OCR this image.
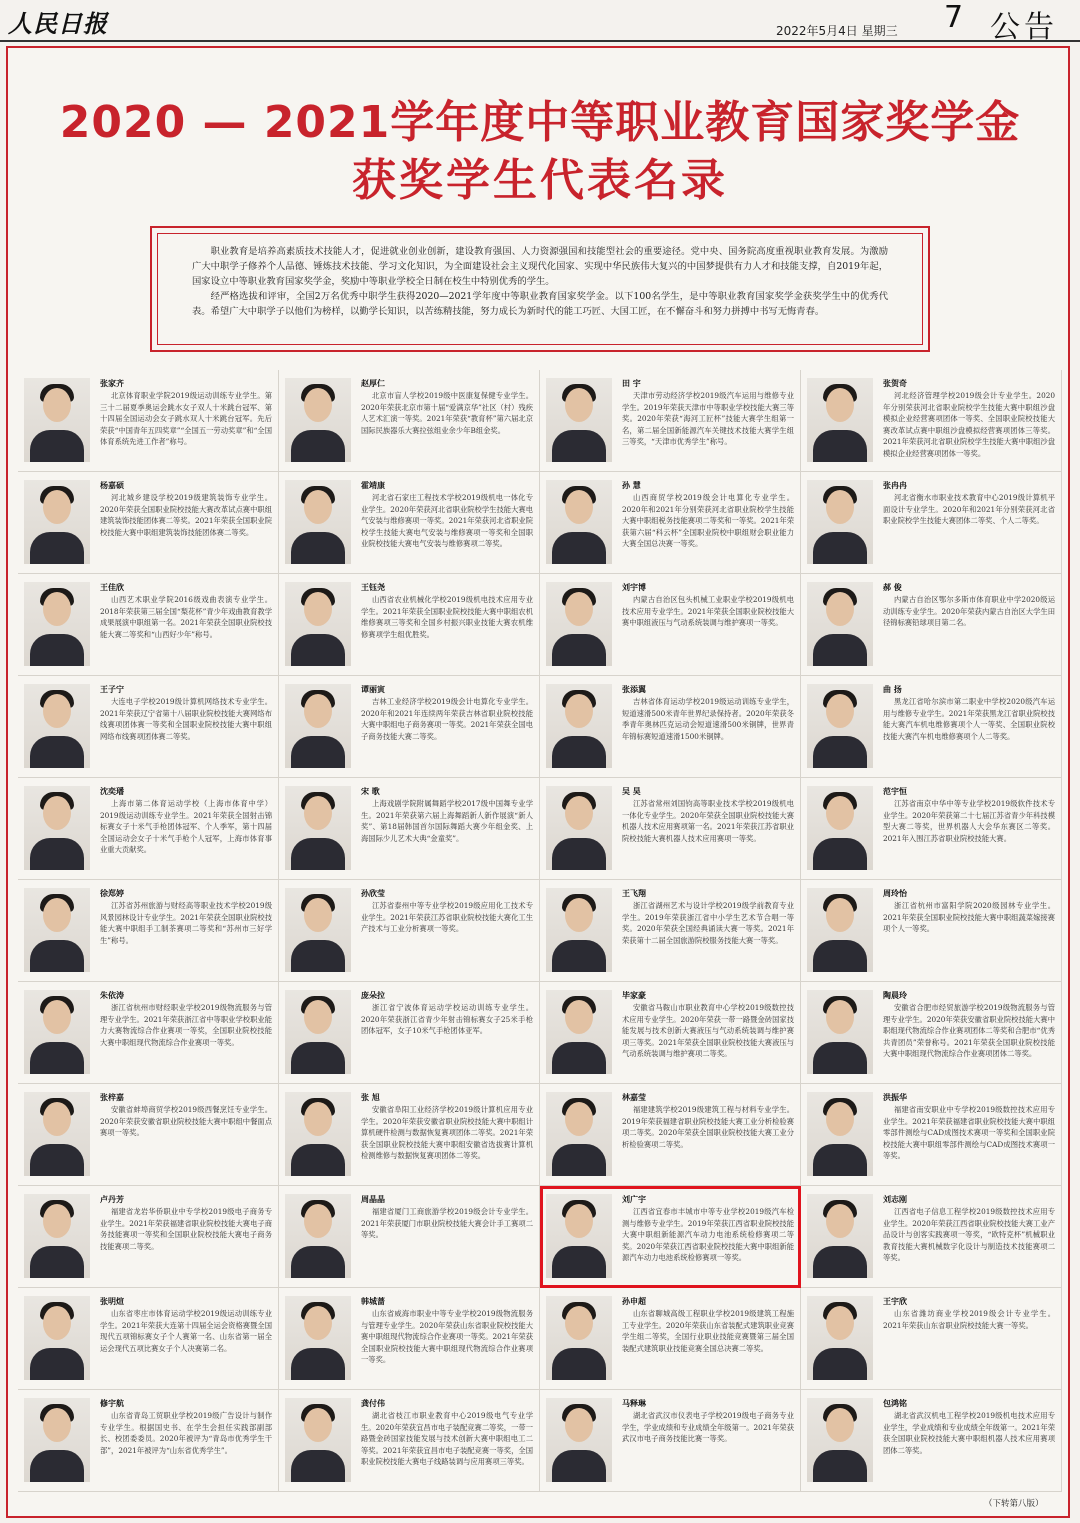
人民日报	2022年5月4日 星期三 7 公告
2020 — 2021学年度中等职业教育国家奖学金
获奖学生代表名录

职业教育是培养高素质技术技能人才，促进就业创业创新，建设教育强国、人力资源强国和技能型社会的重要途径。党中央、国务院高度重视职业教育发展。为激励广大中职学子修养个人品德、锤炼技术技能、学习文化知识，为全面建设社会主义现代化国家、实现中华民族伟大复兴的中国梦提供有力人才和技能支撑，自2019年起，国家设立中等职业教育国家奖学金，奖励中等职业学校全日制在校生中特别优秀的学生。

经严格选拔和评审，全国2万名优秀中职学生获得2020—2021学年度中等职业教育国家奖学金。以下100名学生，是中等职业教育国家奖学金获奖学生中的优秀代表。希望广大中职学子以他们为榜样，以勤学长知识，以苦练精技能，努力成长为新时代的能工巧匠、大国工匠，在不懈奋斗和努力拼搏中书写无悔青春。

张家齐
北京体育职业学院2019级运动训练专业学生。第三十二届夏季奥运会跳水女子双人十米跳台冠军、第十四届全国运动会女子跳水双人十米跳台冠军。先后荣获“中国青年五四奖章”“全国五一劳动奖章”和“全国体育系统先进工作者”称号。
赵厚仁
北京市盲人学校2019级中医康复保健专业学生。2020年荣获北京市第十届“爱满京华”社区（村）残疾人艺术汇演一等奖。2021年荣获“教育杯”第六届北京国际民族器乐大赛拉弦组业余少年B组金奖。
田 宇
天津市劳动经济学校2019级汽车运用与维修专业学生。2019年荣获天津市中等职业学校技能大赛三等奖。2020年荣获“海河工匠杯”技能大赛学生组第一名，第二届全国新能源汽车关键技术技能大赛学生组三等奖，“天津市优秀学生”称号。
张贺奇
河北经济管理学校2019级会计专业学生。2020年分别荣获河北省职业院校学生技能大赛中职组沙盘模拟企业经营赛项团体一等奖、全国职业院校技能大赛改革试点赛中职组沙盘模拟经营赛项团体三等奖。2021年荣获河北省职业院校学生技能大赛中职组沙盘模拟企业经营赛项团体一等奖。
杨嘉硕
河北城乡建设学校2019级建筑装饰专业学生。2020年荣获全国职业院校技能大赛改革试点赛中职组建筑装饰技能团体赛二等奖。2021年荣获全国职业院校技能大赛中职组建筑装饰技能团体赛二等奖。
霍靖康
河北省石家庄工程技术学校2019级机电一体化专业学生。2020年荣获河北省职业院校学生技能大赛电气安装与维修赛项一等奖。2021年荣获河北省职业院校学生技能大赛电气安装与维修赛项一等奖和全国职业院校技能大赛电气安装与维修赛项二等奖。
孙 慧
山西商贸学校2019级会计电算化专业学生。2020年和2021年分别荣获河北省职业院校学生技能大赛中职组税务技能赛项二等奖和一等奖。2021年荣获第六届“科云杯”全国职业院校中职组财会职业能力大赛全国总决赛一等奖。
张冉冉
河北省衡水市职业技术教育中心2019级计算机平面设计专业学生。2020年和2021年分别荣获河北省职业院校学生技能大赛团体二等奖、个人二等奖。
王佳欣
山西艺术职业学院2016级戏曲表演专业学生。2018年荣获第三届全国“梨花杯”青少年戏曲教育教学成果展演中职组第一名。2021年荣获全国职业院校技能大赛二等奖和“山西好少年”称号。
王钰尧
山西省农业机械化学校2019级机电技术应用专业学生。2021年荣获全国职业院校技能大赛中职组农机维修赛项三等奖和全国乡村振兴职业技能大赛农机维修赛项学生组优胜奖。
刘宇博
内蒙古自治区包头机械工业职业学校2019级机电技术应用专业学生。2021年荣获全国职业院校技能大赛中职组液压与气动系统装调与维护赛项一等奖。
郝 俊
内蒙古自治区鄂尔多斯市体育职业中学2020级运动训练专业学生。2020年荣获内蒙古自治区大学生田径锦标赛铅球项目第二名。
王子宁
大连电子学校2019级计算机网络技术专业学生。2021年荣获辽宁省第十八届职业院校技能大赛网络布线赛项团体赛一等奖和全国职业院校技能大赛中职组网络布线赛项团体赛二等奖。
谭丽寅
吉林工业经济学校2019级会计电算化专业学生。2020年和2021年连续两年荣获吉林省职业院校技能大赛中职组电子商务赛项一等奖。2021年荣获全国电子商务技能大赛二等奖。
张添翼
吉林省体育运动学校2019级运动训练专业学生，短道速滑500米青年世界纪录保持者。2020年荣获冬季青年奥林匹克运动会短道速滑500米铜牌，世界青年锦标赛短道速滑1500米铜牌。
曲 扬
黑龙江省哈尔滨市第二职业中学校2020级汽车运用与维修专业学生。2021年荣获黑龙江省职业院校技能大赛汽车机电维修赛项个人一等奖、全国职业院校技能大赛汽车机电维修赛项个人二等奖。
沈奕璠
上海市第二体育运动学校（上海市体育中学）2019级运动训练专业学生。2021年荣获全国射击锦标赛女子十米气手枪团体冠军、个人季军，第十四届全国运动会女子十米气手枪个人冠军，上海市体育事业重大贡献奖。
宋 歌
上海戏剧学院附属舞蹈学校2017级中国舞专业学生。2021年荣获第六届上海舞蹈新人新作展演“新人奖”、第18届韩国首尔国际舞蹈大赛少年组金奖、上海国际少儿艺术大典“金童奖”。
吴 昊
江苏省常州刘国钧高等职业技术学校2019级机电一体化专业学生。2020年荣获全国职业院校技能大赛机器人技术应用赛项第一名。2021年荣获江苏省职业院校技能大赛机器人技术应用赛项一等奖。
范宇恒
江苏省南京中华中等专业学校2019级软件技术专业学生。2020年荣获第二十七届江苏省青少年科技模型大赛二等奖，世界机器人大会华东赛区二等奖。2021年入围江苏省职业院校技能大赛。
徐郑婷
江苏省苏州旅游与财经高等职业技术学校2019级风景园林设计专业学生。2021年荣获全国职业院校技能大赛中职组手工制茶赛项二等奖和“苏州市三好学生”称号。
孙欣莹
江苏省泰州中等专业学校2019级应用化工技术专业学生。2021年荣获江苏省职业院校技能大赛化工生产技术与工业分析赛项一等奖。
王飞翔
浙江省湖州艺术与设计学校2019级学前教育专业学生。2019年荣获浙江省中小学生艺术节合唱一等奖。2020年荣获全国经典诵读大赛一等奖。2021年荣获第十二届全国旅游院校服务技能大赛一等奖。
周玲怡
浙江省杭州市富阳学院2020级园林专业学生。2021年荣获全国职业院校技能大赛中职组蔬菜嫁接赛项个人一等奖。
朱依涛
浙江省杭州市财经职业学校2019级物流服务与管理专业学生。2021年荣获浙江省中等职业学校职业能力大赛物流综合作业赛项一等奖，全国职业院校技能大赛中职组现代物流综合作业赛项一等奖。
庞朵拉
浙江省宁波体育运动学校运动训练专业学生。2020年荣获浙江省青少年射击锦标赛女子25米手枪团体冠军，女子10米气手枪团体亚军。
毕家豪
安徽省马鞍山市职业教育中心学校2019级数控技术应用专业学生。2020年荣获一带一路暨金砖国家技能发展与技术创新大赛液压与气动系统装调与维护赛项三等奖。2021年荣获全国职业院校技能大赛液压与气动系统装调与维护赛项二等奖。
陶晨玲
安徽省合肥市经贸旅游学校2019级物流服务与管理专业学生。2020年荣获安徽省职业院校技能大赛中职组现代物流综合作业赛项团体二等奖和合肥市“优秀共青团员”荣誉称号。2021年荣获全国职业院校技能大赛中职组现代物流综合作业赛项团体二等奖。
张梓嘉
安徽省蚌埠商贸学校2019级西餐烹饪专业学生。2020年荣获安徽省职业院校技能大赛中职组中餐面点赛项一等奖。
张 旭
安徽省阜阳工业经济学校2019级计算机应用专业学生。2020年荣获安徽省职业院校技能大赛中职组计算机硬件检测与数据恢复赛项团体二等奖。2021年荣获全国职业院校技能大赛中职组安徽省选拔赛计算机检测维修与数据恢复赛项团体二等奖。
林嘉莹
福建建筑学校2019级建筑工程与材料专业学生。2019年荣获福建省职业院校技能大赛工业分析检验赛项二等奖。2020年荣获全国职业院校技能大赛工业分析检验赛项二等奖。
洪振华
福建省南安职业中专学校2019级数控技术应用专业学生。2021年荣获福建省职业院校技能大赛中职组零部件测绘与CAD成图技术赛项一等奖和全国职业院校技能大赛中职组零部件测绘与CAD成图技术赛项一等奖。
卢丹芳
福建省龙岩华侨职业中专学校2019级电子商务专业学生。2021年荣获福建省职业院校技能大赛电子商务技能赛项一等奖和全国职业院校技能大赛电子商务技能赛项二等奖。
周晶晶
福建省厦门工商旅游学校2019级会计专业学生。2021年荣获厦门市职业院校技能大赛会计手工赛项二等奖。
刘广宇
江西省宜春市丰城市中等专业学校2019级汽车检测与维修专业学生。2019年荣获江西省职业院校技能大赛中职组新能源汽车动力电池系统检修赛项二等奖。2020年荣获江西省职业院校技能大赛中职组新能源汽车动力电池系统检修赛项一等奖。
刘志刚
江西省电子信息工程学校2019级数控技术应用专业学生。2020年荣获江西省职业院校技能大赛工业产品设计与创客实践赛项一等奖，“欧特克杯”机械职业教育技能大赛机械数字化设计与制造技术技能赛项二等奖。
张明煊
山东省枣庄市体育运动学校2019级运动训练专业学生。2021年荣获大连第十四届全运会资格赛暨全国现代五项锦标赛女子个人赛第一名、山东省第一届全运会现代五项比赛女子个人决赛第二名。
韩城蔷
山东省威海市职业中等专业学校2019级物流服务与管理专业学生。2020年荣获山东省职业院校技能大赛中职组现代物流综合作业赛项一等奖。2021年荣获全国职业院校技能大赛中职组现代物流综合作业赛项一等奖。
孙申超
山东省聊城高级工程职业学校2019级建筑工程施工专业学生。2020年荣获山东省装配式建筑职业竞赛学生组二等奖，全国行业职业技能竞赛暨第三届全国装配式建筑职业技能竞赛全国总决赛二等奖。
王宇欣
山东省潍坊商业学校2019级会计专业学生。2021年荣获山东省职业院校技能大赛一等奖。
修宇航
山东省青岛工贸职业学校2019级广告设计与制作专业学生。根据国史书、在学生会担任实践部副部长、校团委委员。2020年被评为“青岛市优秀学生干部”，2021年被评为“山东省优秀学生”。
龚付伟
湖北省枝江市职业教育中心2019级电气专业学生。2020年荣获宜昌市电子装配竞赛二等奖，一带一路暨金砖国家技能发展与技术创新大赛中职组电工二等奖。2021年荣获宜昌市电子装配竞赛一等奖，全国职业院校技能大赛电子线路装调与应用赛项三等奖。
马释琳
湖北省武汉市仪表电子学校2019级电子商务专业学生，学业成绩和专业成绩全年级第一。2021年荣获武汉市电子商务技能比赛一等奖。
包鸿铭
湖北省武汉机电工程学校2019级机电技术应用专业学生，学业成绩和专业成绩全年级第一。2021年荣获全国职业院校技能大赛中职组机器人技术应用赛项团体二等奖。
（下转第八版）
